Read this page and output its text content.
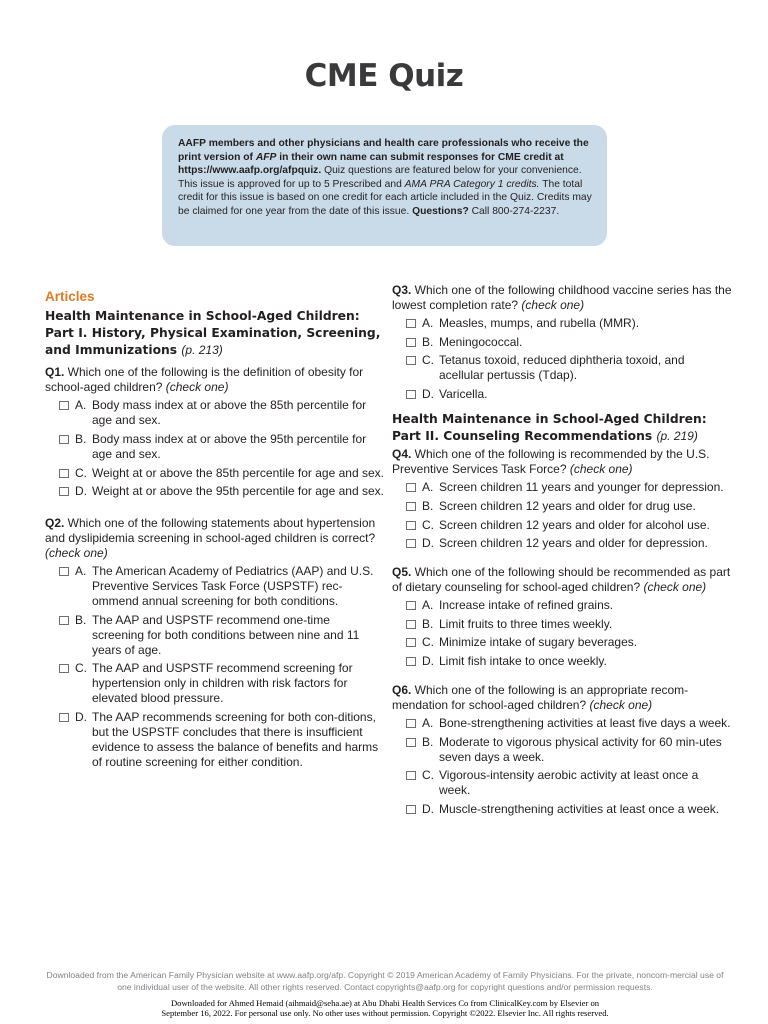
CME Quiz
AAFP members and other physicians and health care professionals who receive the print version of AFP in their own name can submit responses for CME credit at https://www.aafp.org/afpquiz. Quiz questions are featured below for your convenience. This issue is approved for up to 5 Prescribed and AMA PRA Category 1 credits. The total credit for this issue is based on one credit for each article included in the Quiz. Credits may be claimed for one year from the date of this issue. Questions? Call 800-274-2237.
Articles
Health Maintenance in School-Aged Children: Part I. History, Physical Examination, Screening, and Immunizations (p. 213)
Q1. Which one of the following is the definition of obesity for school-aged children? (check one)
A. Body mass index at or above the 85th percentile for age and sex.
B. Body mass index at or above the 95th percentile for age and sex.
C. Weight at or above the 85th percentile for age and sex.
D. Weight at or above the 95th percentile for age and sex.
Q2. Which one of the following statements about hypertension and dyslipidemia screening in school-aged children is correct? (check one)
A. The American Academy of Pediatrics (AAP) and U.S. Preventive Services Task Force (USPSTF) rec-ommend annual screening for both conditions.
B. The AAP and USPSTF recommend one-time screening for both conditions between nine and 11 years of age.
C. The AAP and USPSTF recommend screening for hypertension only in children with risk factors for elevated blood pressure.
D. The AAP recommends screening for both con-ditions, but the USPSTF concludes that there is insufficient evidence to assess the balance of benefits and harms of routine screening for either condition.
Q3. Which one of the following childhood vaccine series has the lowest completion rate? (check one)
A. Measles, mumps, and rubella (MMR).
B. Meningococcal.
C. Tetanus toxoid, reduced diphtheria toxoid, and acellular pertussis (Tdap).
D. Varicella.
Health Maintenance in School-Aged Children: Part II. Counseling Recommendations (p. 219)
Q4. Which one of the following is recommended by the U.S. Preventive Services Task Force? (check one)
A. Screen children 11 years and younger for depression.
B. Screen children 12 years and older for drug use.
C. Screen children 12 years and older for alcohol use.
D. Screen children 12 years and older for depression.
Q5. Which one of the following should be recommended as part of dietary counseling for school-aged children? (check one)
A. Increase intake of refined grains.
B. Limit fruits to three times weekly.
C. Minimize intake of sugary beverages.
D. Limit fish intake to once weekly.
Q6. Which one of the following is an appropriate recom-mendation for school-aged children? (check one)
A. Bone-strengthening activities at least five days a week.
B. Moderate to vigorous physical activity for 60 min-utes seven days a week.
C. Vigorous-intensity aerobic activity at least once a week.
D. Muscle-strengthening activities at least once a week.
Downloaded from the American Family Physician website at www.aafp.org/afp. Copyright © 2019 American Academy of Family Physicians. For the private, noncom-mercial use of one individual user of the website. All other rights reserved. Contact copyrights@aafp.org for copyright questions and/or permission requests.
Downloaded for Ahmed Hemaid (aihmaid@seha.ae) at Abu Dhabi Health Services Co from ClinicalKey.com by Elsevier on
September 16, 2022. For personal use only. No other uses without permission. Copyright ©2022. Elsevier Inc. All rights reserved.
